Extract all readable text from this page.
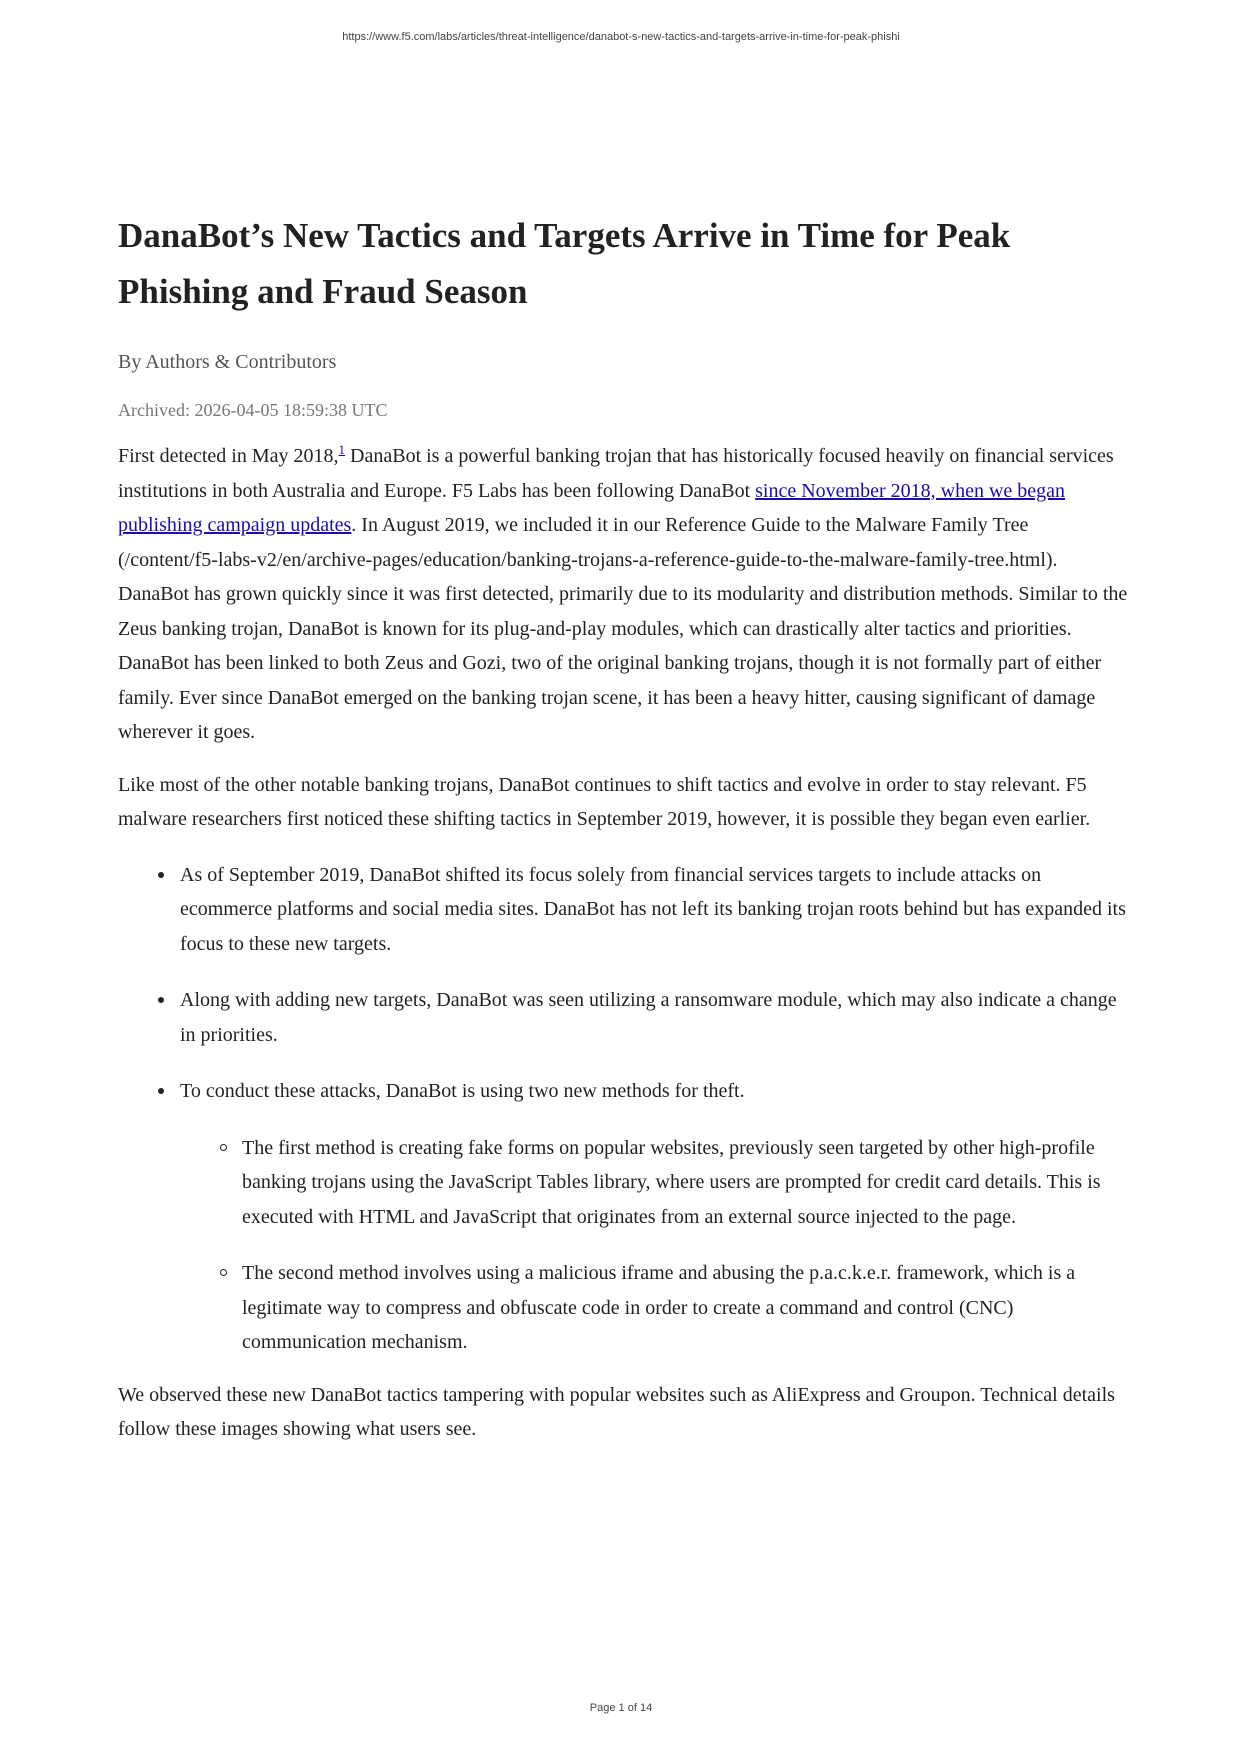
https://www.f5.com/labs/articles/threat-intelligence/danabot-s-new-tactics-and-targets-arrive-in-time-for-peak-phishi
DanaBot’s New Tactics and Targets Arrive in Time for Peak Phishing and Fraud Season
By Authors & Contributors
Archived: 2026-04-05 18:59:38 UTC

First detected in May 2018,$^1$ DanaBot is a powerful banking trojan that has historically focused heavily on financial services institutions in both Australia and Europe. F5 Labs has been following DanaBot since November 2018, when we began publishing campaign updates. In August 2019, we included it in our Reference Guide to the Malware Family Tree (/content/f5-labs-v2/en/archive-pages/education/banking-trojans-a-reference-guide-to-the-malware-family-tree.html). DanaBot has grown quickly since it was first detected, primarily due to its modularity and distribution methods. Similar to the Zeus banking trojan, DanaBot is known for its plug-and-play modules, which can drastically alter tactics and priorities. DanaBot has been linked to both Zeus and Gozi, two of the original banking trojans, though it is not formally part of either family. Ever since DanaBot emerged on the banking trojan scene, it has been a heavy hitter, causing significant of damage wherever it goes.

Like most of the other notable banking trojans, DanaBot continues to shift tactics and evolve in order to stay relevant. F5 malware researchers first noticed these shifting tactics in September 2019, however, it is possible they began even earlier.

As of September 2019, DanaBot shifted its focus solely from financial services targets to include attacks on ecommerce platforms and social media sites. DanaBot has not left its banking trojan roots behind but has expanded its focus to these new targets.
Along with adding new targets, DanaBot was seen utilizing a ransomware module, which may also indicate a change in priorities.
To conduct these attacks, DanaBot is using two new methods for theft.
The first method is creating fake forms on popular websites, previously seen targeted by other high-profile banking trojans using the JavaScript Tables library, where users are prompted for credit card details. This is executed with HTML and JavaScript that originates from an external source injected to the page.
The second method involves using a malicious iframe and abusing the p.a.c.k.e.r. framework, which is a legitimate way to compress and obfuscate code in order to create a command and control (CNC) communication mechanism.

We observed these new DanaBot tactics tampering with popular websites such as AliExpress and Groupon. Technical details follow these images showing what users see.

Page 1 of 14
